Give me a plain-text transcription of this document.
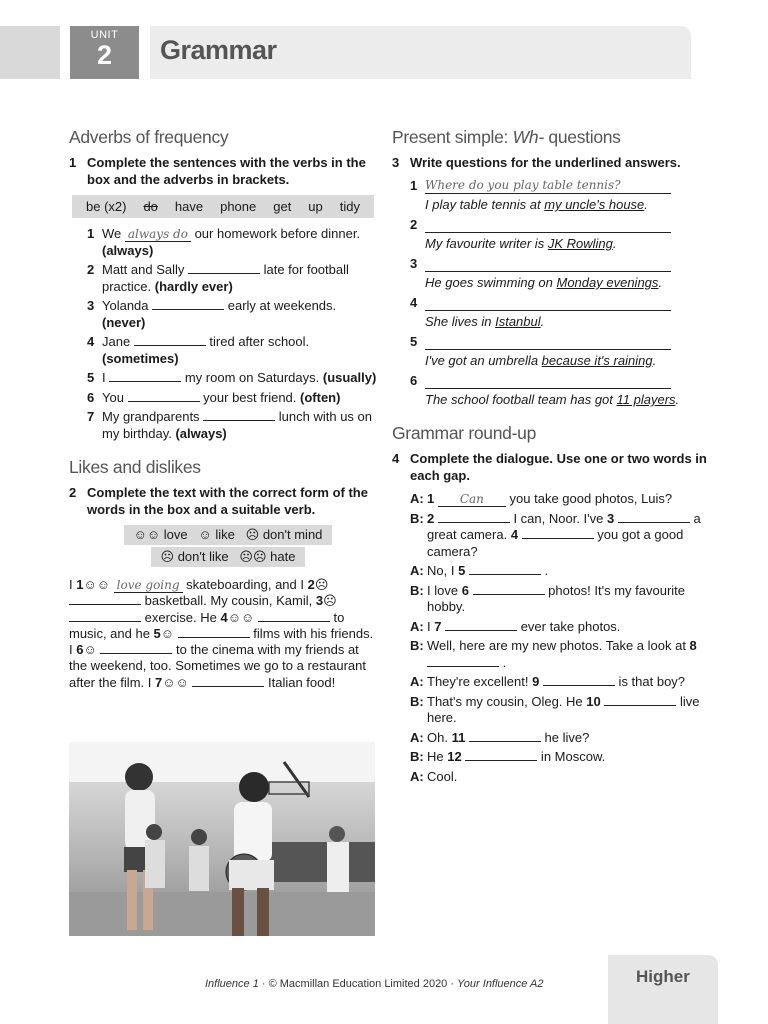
UNIT
2	Grammar
Adverbs of frequency
1 Complete the sentences with the verbs in the box and the adverbs in brackets.
be (x2) do have phone get up tidy
1 We always do our homework before dinner. (always)
2 Matt and Sally	late for football practice. (hardly ever)
3 Yolanda	early at weekends. (never)
4 Jane	tired after school. (sometimes)
5 I	my room on Saturdays. (usually)
6 You	your best friend. (often)
7 My grandparents	lunch with us on my birthday. (always)
Likes and dislikes
2 Complete the text with the correct form of the words in the box and a suitable verb.
☺☺ love   ☺ like   ☹ don't mind
☹ don't like   ☹☹ hate

I 1☺☺ love going skateboarding, and I 2☹  basketball. My cousin, Kamil, 3☹  exercise. He 4☺☺	to music, and he 5☺	films with his friends. I 6☺	to the cinema with my friends at the weekend, too. Sometimes we go to a restaurant after the film. I 7☺☺	Italian food!

Present simple: Wh- questions
3 Write questions for the underlined answers.
1 Where do you play table tennis?
I play table tennis at my uncle's house.
2
My favourite writer is JK Rowling.
3
He goes swimming on Monday evenings.
4
She lives in Istanbul.
5
I've got an umbrella because it's raining.
6
The school football team has got 11 players.
Grammar round-up
4 Complete the dialogue. Use one or two words in each gap.
A: 1 Can you take good photos, Luis?
B: 2	I can, Noor. I've 3	a great camera. 4	you got a good camera?
A: No, I 5	.
B: I love 6	photos! It's my favourite hobby.
A: I 7	ever take photos.
B: Well, here are my new photos. Take a look at 8  .
A: They're excellent! 9	is that boy?
B: That's my cousin, Oleg. He 10	live here.
A: Oh. 11	he live?
B: He 12	in Moscow.
A: Cool.
Influence 1 · © Macmillan Education Limited 2020 · Your Influence A2	Higher
